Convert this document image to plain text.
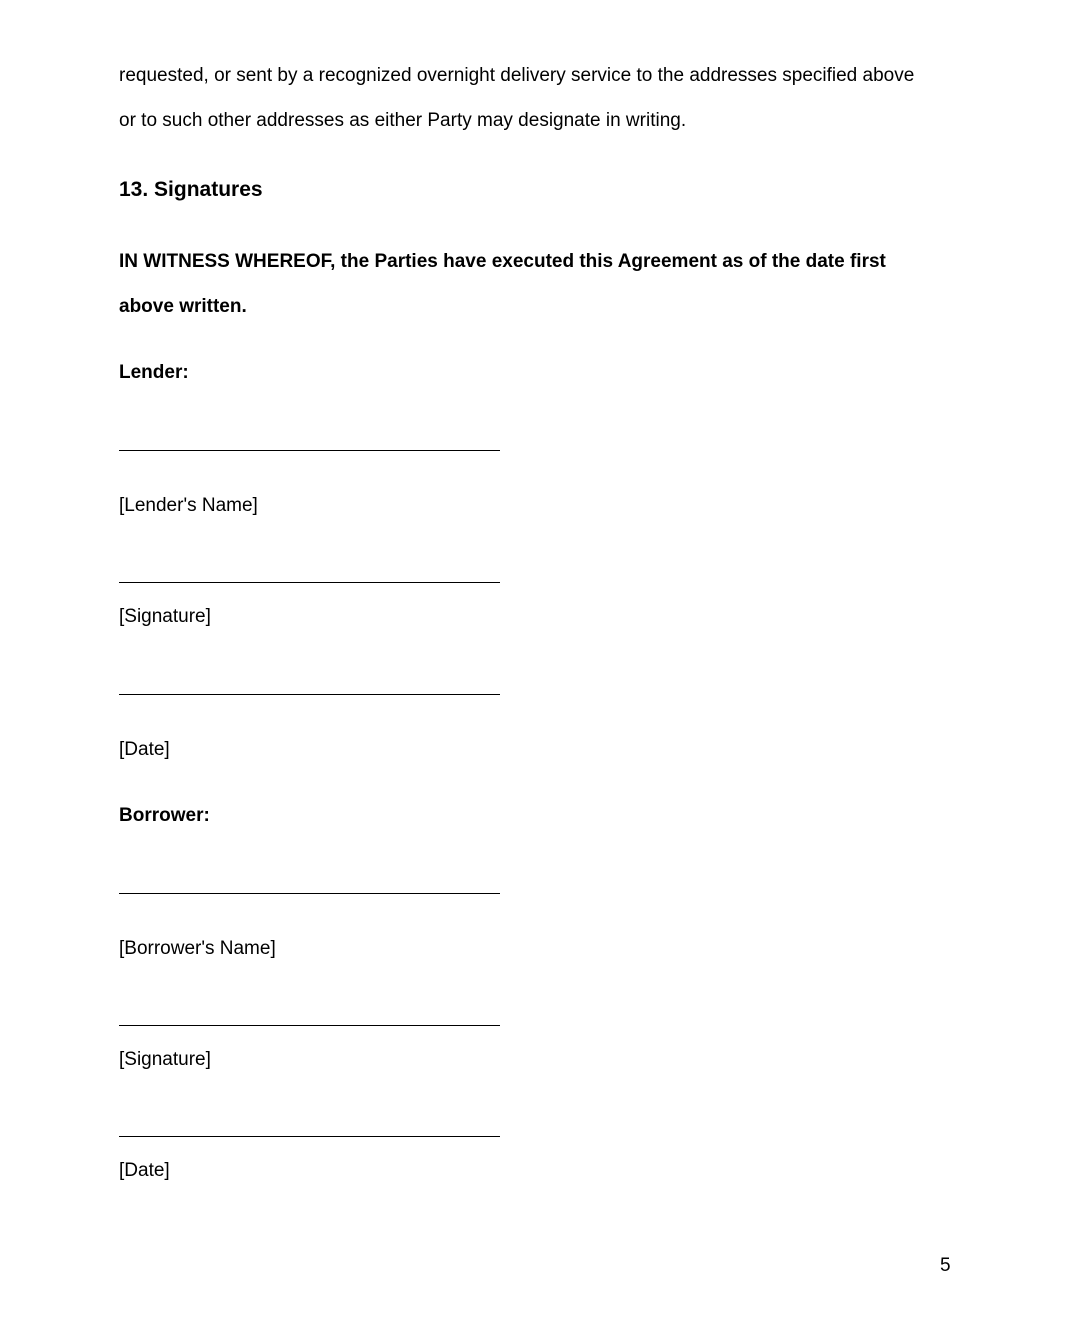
requested, or sent by a recognized overnight delivery service to the addresses specified above
or to such other addresses as either Party may designate in writing.
13. Signatures
IN WITNESS WHEREOF, the Parties have executed this Agreement as of the date first
above written.
Lender:
[Lender's Name]
[Signature]
[Date]
Borrower:
[Borrower's Name]
[Signature]
[Date]
5
